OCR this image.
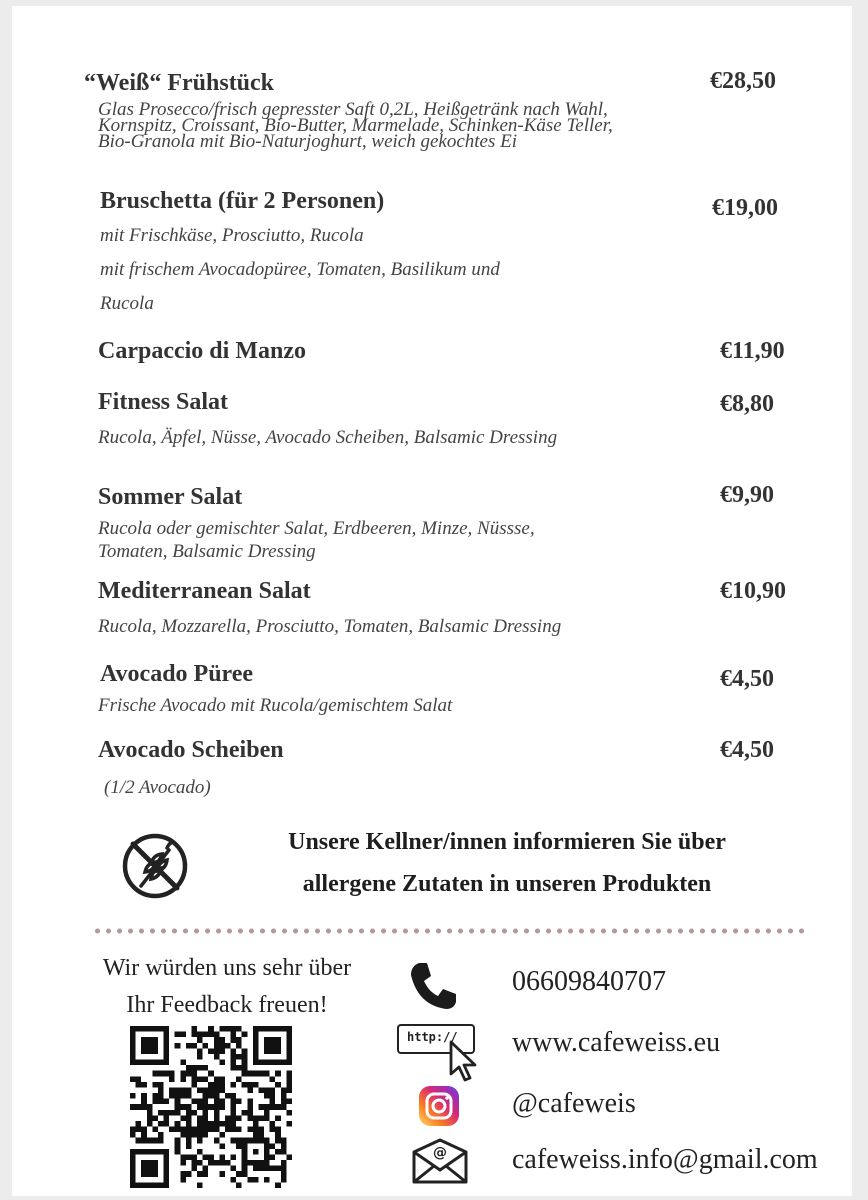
“Weiß“ Frühstück
Glas Prosecco/frisch gepresster Saft 0,2L, Heißgetränk nach Wahl,
Kornspitz, Croissant, Bio-Butter, Marmelade, Schinken-Käse Teller,
Bio-Granola mit Bio-Naturjoghurt, weich gekochtes Ei
€28,50
Bruschetta (für 2 Personen)
mit Frischkäse, Prosciutto, Rucola
mit frischem Avocadopüree, Tomaten, Basilikum und
Rucola
€19,00
Carpaccio di Manzo	€11,90
Fitness Salat
Rucola, Äpfel, Nüsse, Avocado Scheiben, Balsamic Dressing
€8,80
Sommer Salat
Rucola oder gemischter Salat, Erdbeeren, Minze, Nüssse,
Tomaten, Balsamic Dressing
€9,90
Mediterranean Salat
Rucola, Mozzarella, Prosciutto, Tomaten, Balsamic Dressing
€10,90
Avocado Püree
Frische Avocado mit Rucola/gemischtem Salat
€4,50
Avocado Scheiben
(1/2 Avocado)
€4,50
Unsere Kellner/innen informieren Sie über
allergene Zutaten in unseren Produkten
Wir würden uns sehr über
Ihr Feedback freuen!
06609840707
http:// www.cafeweiss.eu
@cafeweis
@ cafeweiss.info@gmail.com
